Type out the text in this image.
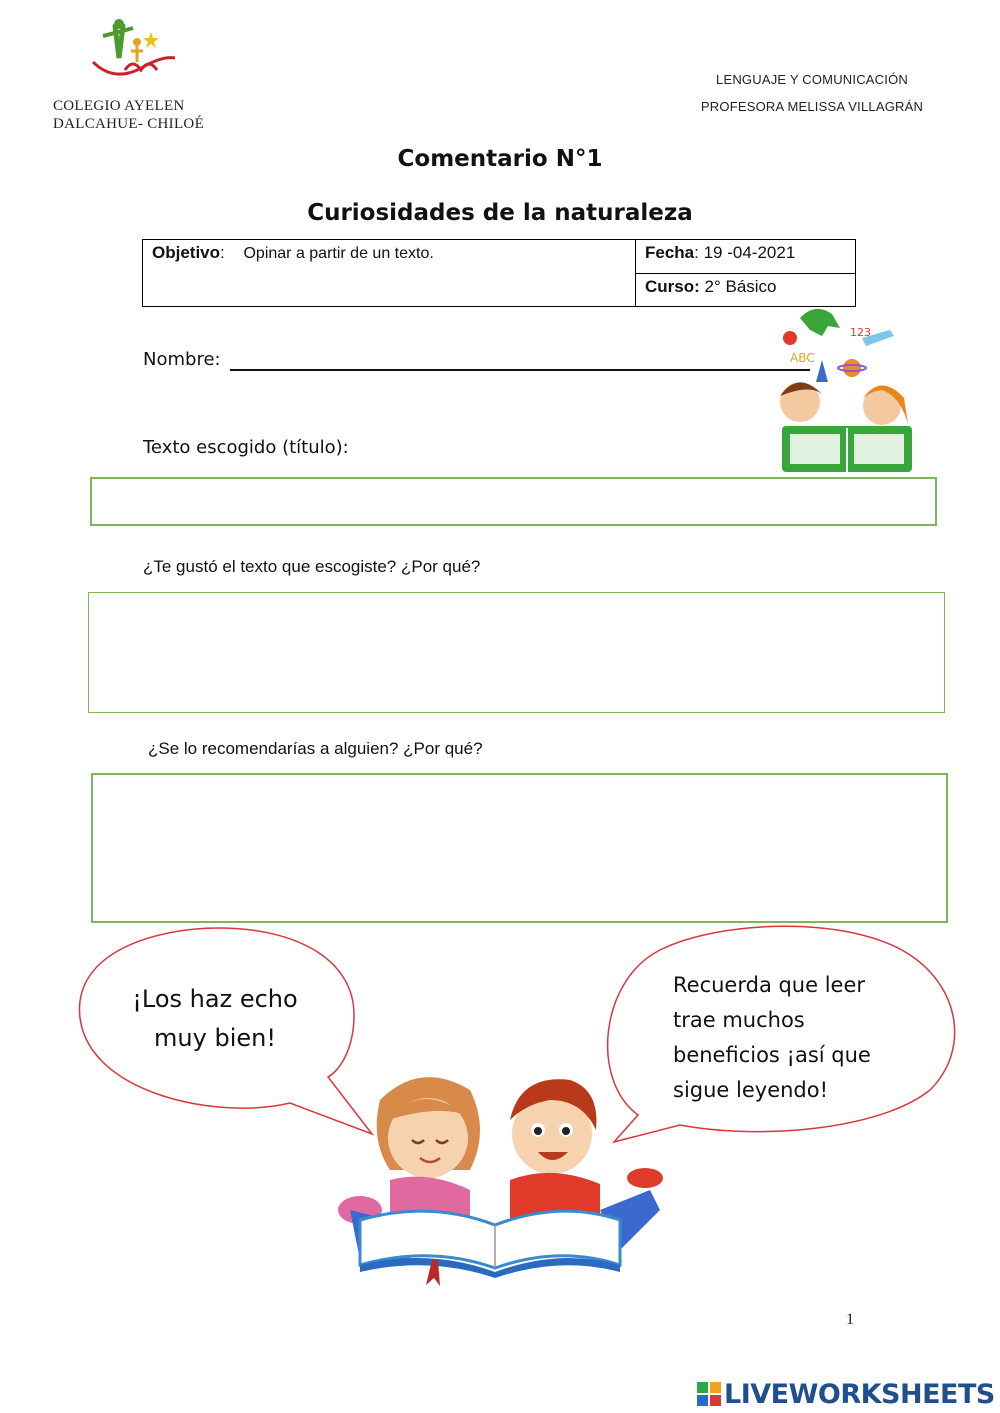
COLEGIO AYELEN
DALCAHUE- CHILOÉ
LENGUAJE Y COMUNICACIÓN
PROFESORA MELISSA VILLAGRÁN
Comentario N°1
Curiosidades de la naturaleza
Objetivo: Opinar a partir de un texto.	Fecha: 19 -04-2021
Curso: 2° Básico
Nombre:
123
ABC
Texto escogido (título):
¿Te gustó el texto que escogiste? ¿Por qué?
¿Se lo recomendarías a alguien? ¿Por qué?
¡Los haz echo
muy bien!
Recuerda que leer
trae muchos
beneficios ¡así que
sigue leyendo!
1
LIVEWORKSHEETS
